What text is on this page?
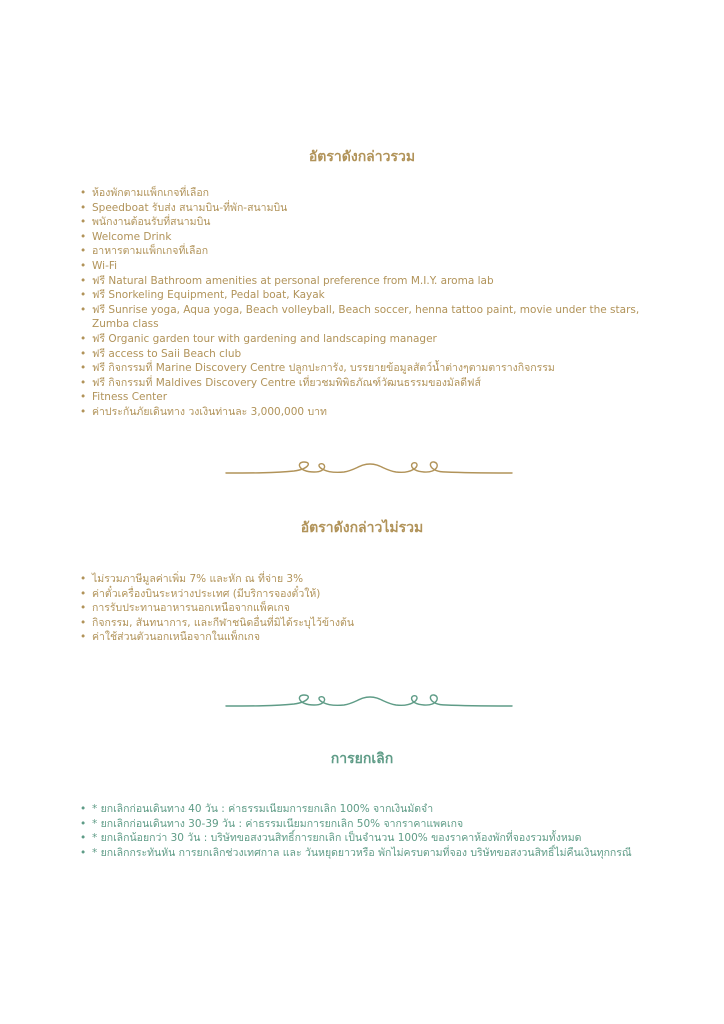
อัตราดังกล่าวรวม
• ห้องพักตามแพ็กเกจที่เลือก
• Speedboat รับส่ง สนามบิน-ที่พัก-สนามบิน
• พนักงานต้อนรับที่สนามบิน
• Welcome Drink
• อาหารตามแพ็กเกจที่เลือก
• Wi-Fi
• ฟรี Natural Bathroom amenities at personal preference from M.I.Y. aroma lab
• ฟรี Snorkeling Equipment, Pedal boat, Kayak
• ฟรี Sunrise yoga, Aqua yoga, Beach volleyball, Beach soccer, henna tattoo paint, movie under the stars, Zumba class
• ฟรี Organic garden tour with gardening and landscaping manager
• ฟรี access to Saii Beach club
• ฟรี กิจกรรมที่ Marine Discovery Centre ปลูกปะการัง, บรรยายข้อมูลสัตว์น้ำต่างๆตามตารางกิจกรรม
• ฟรี กิจกรรมที่ Maldives Discovery Centre เที่ยวชมพิพิธภัณฑ์วัฒนธรรมของมัลดีฟส์
• Fitness Center
• ค่าประกันภัยเดินทาง วงเงินท่านละ 3,000,000 บาท
อัตราดังกล่าวไม่รวม
• ไม่รวมภาษีมูลค่าเพิ่ม 7% และหัก ณ ที่จ่าย 3%
• ค่าตั๋วเครื่องบินระหว่างประเทศ (มีบริการจองตั๋วให้)
• การรับประทานอาหารนอกเหนือจากแพ็คเกจ
• กิจกรรม, สันทนาการ, และกีฬาชนิดอื่นที่มิได้ระบุไว้ข้างต้น
• ค่าใช้ส่วนตัวนอกเหนือจากในแพ็กเกจ
การยกเลิก
• * ยกเลิกก่อนเดินทาง 40 วัน : ค่าธรรมเนียมการยกเลิก 100% จากเงินมัดจำ
• * ยกเลิกก่อนเดินทาง 30-39 วัน : ค่าธรรมเนียมการยกเลิก 50% จากราคาแพคเกจ
• * ยกเลิกน้อยกว่า 30 วัน : บริษัทขอสงวนสิทธิ์การยกเลิก เป็นจำนวน 100% ของราคาห้องพักที่จองรวมทั้งหมด
• * ยกเลิกกระทันหัน การยกเลิกช่วงเทศกาล และ วันหยุดยาวหรือ พักไม่ครบตามที่จอง บริษัทขอสงวนสิทธิ์ไม่คืนเงินทุกกรณี
